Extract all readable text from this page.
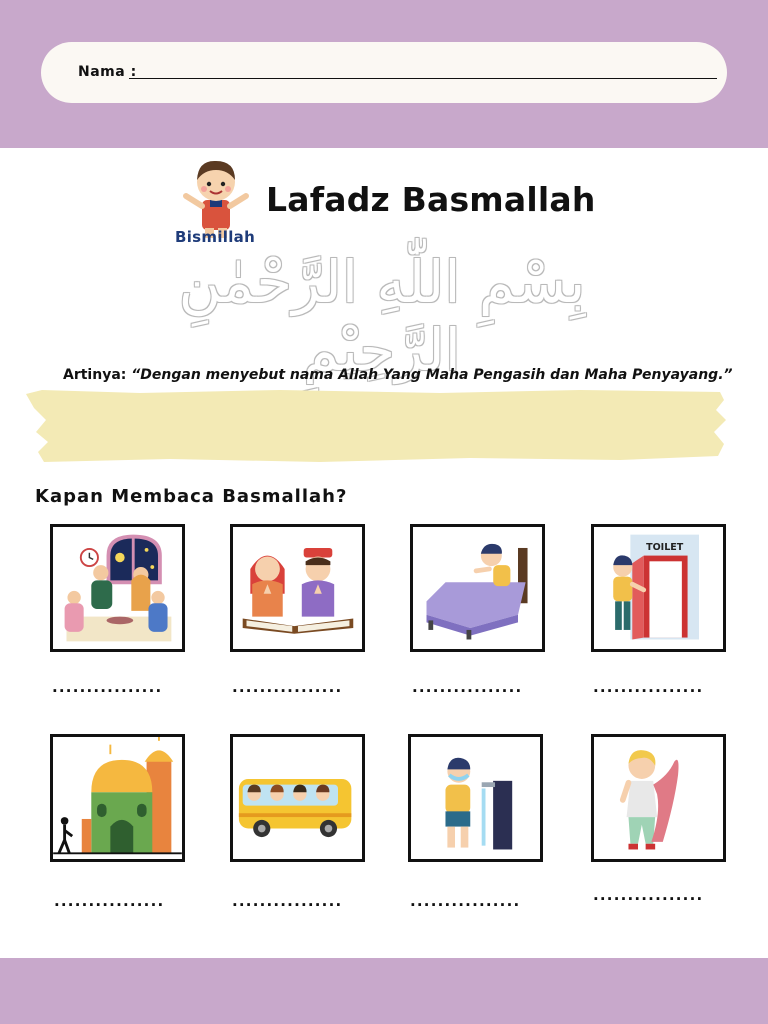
Nama :
Bismillah
Lafadz Basmallah
بِسْمِ اللّٰهِ الرَّحْمٰنِ الرَّحِيْمِ
Artinya: “Dengan menyebut nama Allah Yang Maha Pengasih dan Maha Penyayang.”
Kapan Membaca Basmallah?
................	................	................
TOILET
................
................	................	................	................
